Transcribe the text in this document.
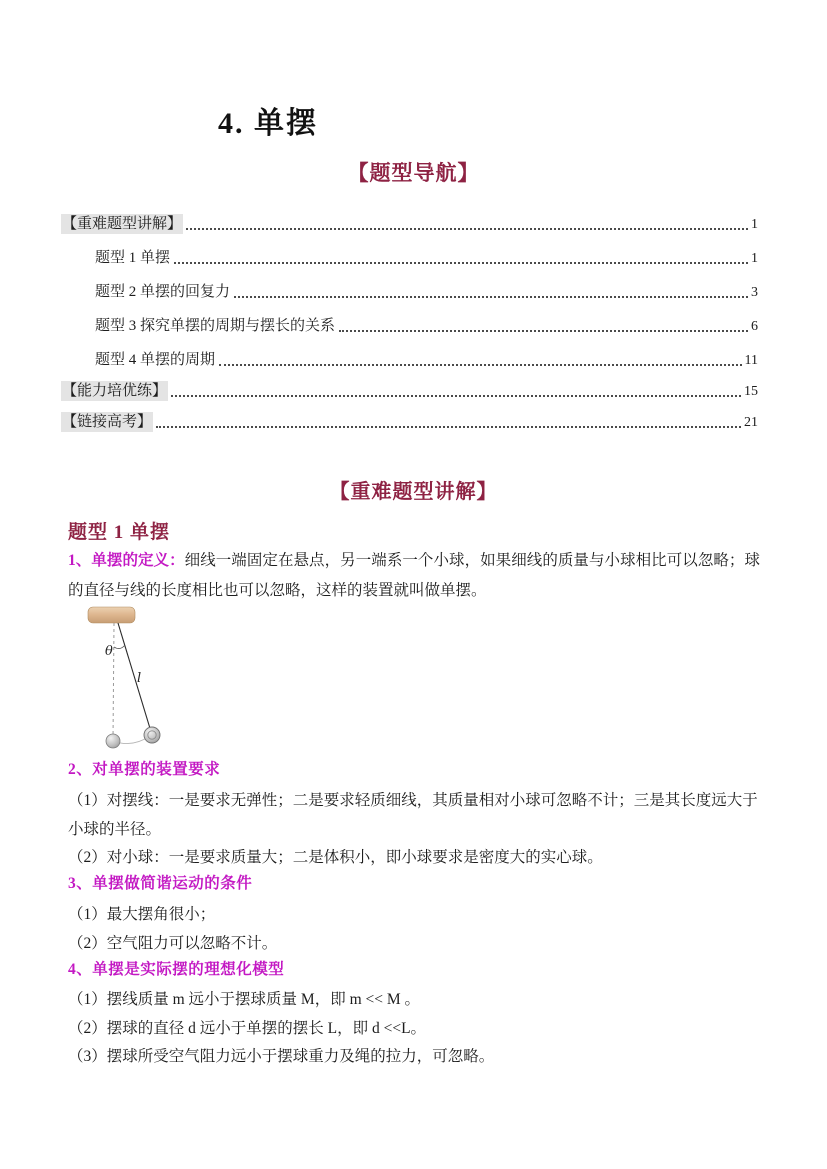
4. 单摆
【题型导航】
【重难题型讲解】	1
题型 1 单摆	1
题型 2 单摆的回复力	3
题型 3 探究单摆的周期与摆长的关系	6
题型 4 单摆的周期	11
【能力培优练】	15
【链接高考】	21
【重难题型讲解】
题型 1 单摆
1、单摆的定义：细线一端固定在悬点，另一端系一个小球，如果细线的质量与小球相比可以忽略；球的直径与线的长度相比也可以忽略，这样的装置就叫做单摆。
θ
l
2、对单摆的装置要求
（1）对摆线：一是要求无弹性；二是要求轻质细线，其质量相对小球可忽略不计；三是其长度远大于小球的半径。
（2）对小球：一是要求质量大；二是体积小，即小球要求是密度大的实心球。
3、单摆做简谐运动的条件
（1）最大摆角很小；
（2）空气阻力可以忽略不计。
4、单摆是实际摆的理想化模型
（1）摆线质量 m 远小于摆球质量 M，即 m << M 。
（2）摆球的直径 d 远小于单摆的摆长 L，即 d <<L。
（3）摆球所受空气阻力远小于摆球重力及绳的拉力，可忽略。
